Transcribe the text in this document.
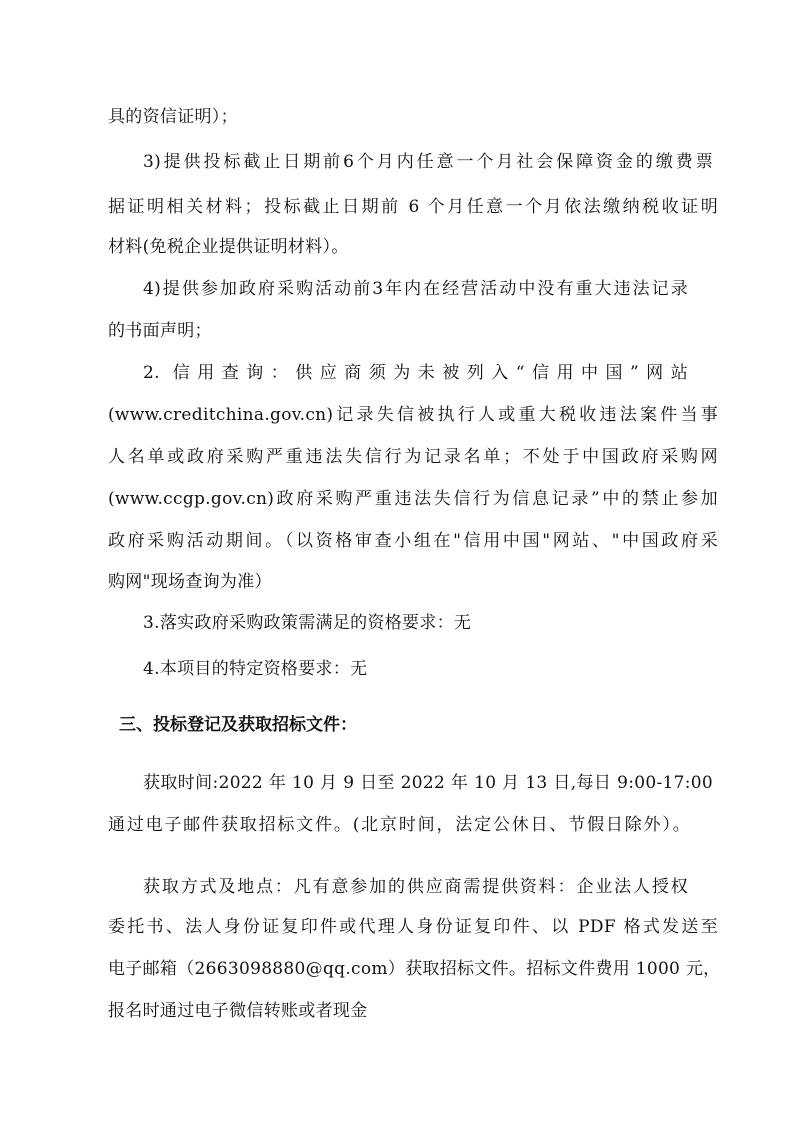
具的资信证明）；
3)提供投标截止日期前6个月内任意一个月社会保障资金的缴费票
据证明相关材料；投标截止日期前 6 个月任意一个月依法缴纳税收证明
材料(免税企业提供证明材料）。
4)提供参加政府采购活动前3年内在经营活动中没有重大违法记录
的书面声明；
2. 信用查询：供应商须为未被列入“信用中国”网站
(www.creditchina.gov.cn)记录失信被执行人或重大税收违法案件当事
人名单或政府采购严重违法失信行为记录名单；不处于中国政府采购网
(www.ccgp.gov.cn)政府采购严重违法失信行为信息记录”中的禁止参加
政府采购活动期间。（以资格审查小组在"信用中国"网站、"中国政府采
购网"现场查询为准）
3.落实政府采购政策需满足的资格要求：无
4.本项目的特定资格要求：无
三、投标登记及获取招标文件：
获取时间:2022 年 10 月 9 日至 2022 年 10 月 13 日,每日 9:00-17:00
通过电子邮件获取招标文件。(北京时间，法定公休日、节假日除外）。
获取方式及地点：凡有意参加的供应商需提供资料：企业法人授权
委托书、法人身份证复印件或代理人身份证复印件、以 PDF 格式发送至
电子邮箱（2663098880@qq.com）获取招标文件。招标文件费用 1000 元，
报名时通过电子微信转账或者现金
